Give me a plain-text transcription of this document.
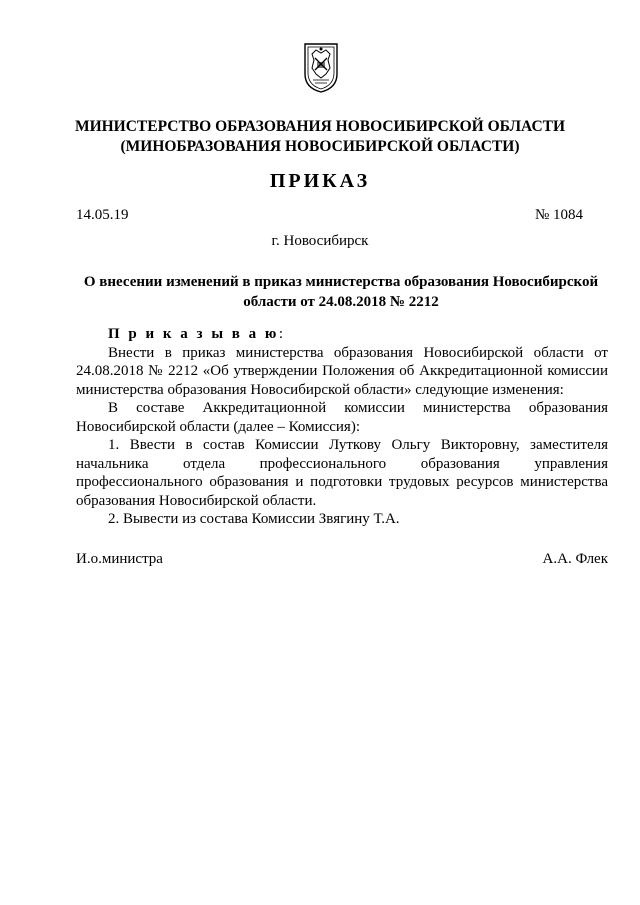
МИНИСТЕРСТВО ОБРАЗОВАНИЯ НОВОСИБИРСКОЙ ОБЛАСТИ
(МИНОБРАЗОВАНИЯ НОВОСИБИРСКОЙ ОБЛАСТИ)
ПРИКАЗ
14.05.19	№ 1084
г. Новосибирск
О внесении изменений в приказ министерства образования Новосибирской области от 24.08.2018 № 2212

П р и к а з ы в а ю:

Внести в приказ министерства образования Новосибирской области от 24.08.2018 № 2212 «Об утверждении Положения об Аккредитационной комиссии министерства образования Новосибирской области» следующие изменения:

В составе Аккредитационной комиссии министерства образования Новосибирской области (далее – Комиссия):

1. Ввести в состав Комиссии Луткову Ольгу Викторовну, заместителя начальника отдела профессионального образования управления профессионального образования и подготовки трудовых ресурсов министерства образования Новосибирской области.

2. Вывести из состава Комиссии Звягину Т.А.

И.о.министра	А.А. Флек
